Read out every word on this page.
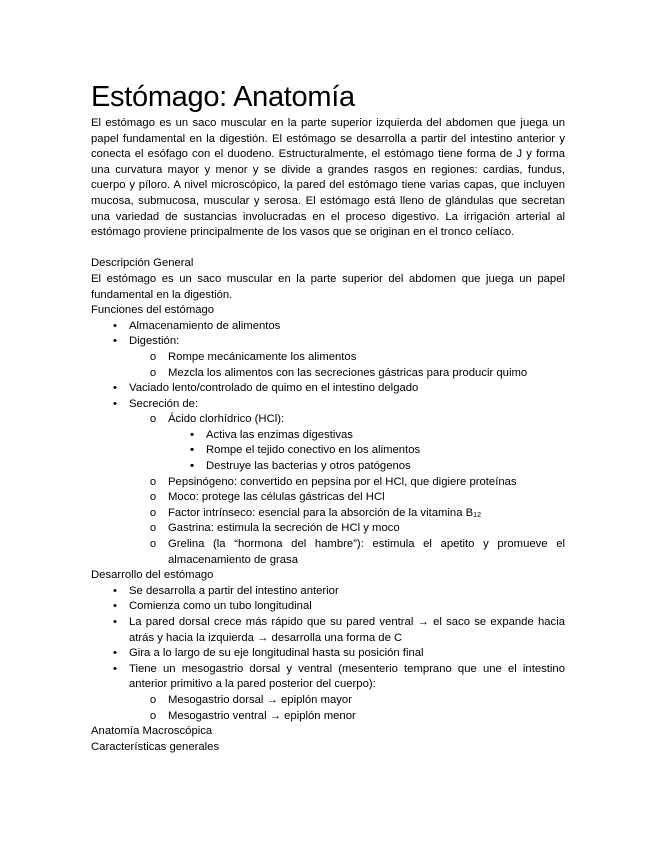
Estómago: Anatomía

El estómago es un saco muscular en la parte superior izquierda del abdomen que juega un papel fundamental en la digestión. El estómago se desarrolla a partir del intestino anterior y conecta el esófago con el duodeno. Estructuralmente, el estómago tiene forma de J y forma una curvatura mayor y menor y se divide a grandes rasgos en regiones: cardias, fundus, cuerpo y píloro. A nivel microscópico, la pared del estómago tiene varias capas, que incluyen mucosa, submucosa, muscular y serosa. El estómago está lleno de glándulas que secretan una variedad de sustancias involucradas en el proceso digestivo. La irrigación arterial al estómago proviene principalmente de los vasos que se originan en el tronco celíaco.

Descripción General

El estómago es un saco muscular en la parte superior del abdomen que juega un papel fundamental en la digestión.

Funciones del estómago
•	Almacenamiento de alimentos
•	Digestión:
o Rompe mecánicamente los alimentos
o Mezcla los alimentos con las secreciones gástricas para producir quimo
•	Vaciado lento/controlado de quimo en el intestino delgado
•	Secreción de:
o Ácido clorhídrico (HCl):
▪	Activa las enzimas digestivas
▪	Rompe el tejido conectivo en los alimentos
▪	Destruye las bacterias y otros patógenos
o Pepsinógeno: convertido en pepsina por el HCl, que digiere proteínas
o Moco: protege las células gástricas del HCl
o Factor intrínseco: esencial para la absorción de la vitamina $B_{12}$
o Gastrina: estimula la secreción de HCl y moco
o Grelina (la “hormona del hambre”): estimula el apetito y promueve el almacenamiento de grasa
Desarrollo del estómago
•	Se desarrolla a partir del intestino anterior
•	Comienza como un tubo longitudinal
•	La pared dorsal crece más rápido que su pared ventral → el saco se expande hacia atrás y hacia la izquierda → desarrolla una forma de C
•	Gira a lo largo de su eje longitudinal hasta su posición final
•	Tiene un mesogastrio dorsal y ventral (mesenterio temprano que une el intestino anterior primitivo a la pared posterior del cuerpo):
o Mesogastrio dorsal → epiplón mayor
o Mesogastrio ventral → epiplón menor
Anatomía Macroscópica
Características generales
